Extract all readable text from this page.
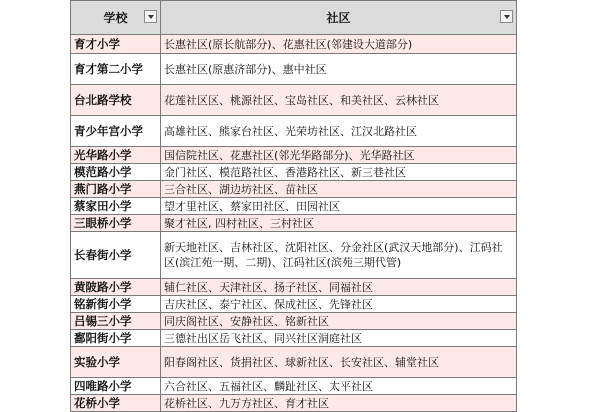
学校	社区

育才小学	长惠社区(原长航部分)、花惠社区(邻建设大道部分)
育才第二小学	长惠社区(原惠济部分)、惠中社区
台北路学校	花莲社区区、桃源社区、宝岛社区、和美社区、云林社区
青少年宫小学	高雄社区、熊家台社区、光荣坊社区、江汉北路社区
光华路小学	国信院社区、花惠社区(邻光华路部分)、光华路社区
模范路小学	金门社区、模范路社区、香港路社区、新三巷社区
燕门路小学	三合社区、湖边坊社区、苗社区
蔡家田小学	望才里社区、蔡家田社区、田园社区
三眼桥小学	聚才社区, 四村社区、三村社区
长春街小学	新天地社区、吉林社区、沈阳社区、分金社区(武汉天地部分)、江码社区(滨江苑一期、二期)、江码社区(滨苑三期代管)
黄陂路小学	辅仁社区、天津社区、扬子社区、同福社区
铭新街小学	吉庆社区、泰宁社区、保成社区、先锋社区
吕锡三小学	同庆阁社区、安静社区、铭新社区
鄱阳街小学	三德社出区岳飞社区、同兴社区洞庭社区
实验小学	阳春阁社区、货捐社区、球新社区、长安社区、辅堂社区
四唯路小学	六合社区、五福社区、麟趾社区、太平社区
花桥小学	花桥社区、九万方社区、育才社区
